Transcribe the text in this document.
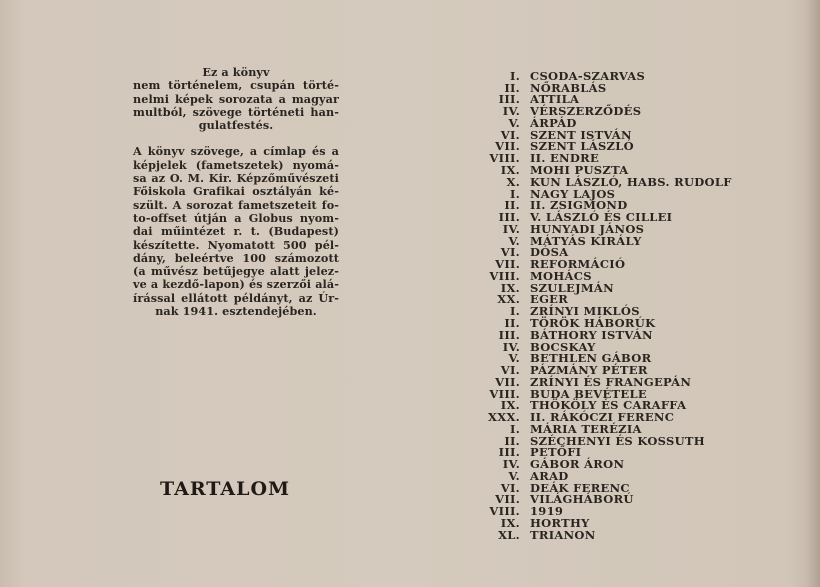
Ez a könyv
nem történelem, csupán törté-
nelmi képek sorozata a magyar
multból, szövege történeti han-
gulatfestés.

A könyv szövege, a címlap és a
képjelek (fametszetek) nyomá-
sa az O. M. Kir. Képzőművészeti
Főiskola Grafikai osztályán ké-
szült. A sorozat fametszeteit fo-
to-offset útján a Globus nyom-
dai műintézet r. t. (Budapest)
készítette. Nyomatott 500 pél-
dány, beleértve 100 számozott
(a művész betűjegye alatt jelez-
ve a kezdő-lapon) és szerzői alá-
írással ellátott példányt, az Úr-
nak 1941. esztendejében.

TARTALOM
I. CSODA-SZARVAS
II. NŐRABLÁS
III. ATTILA
IV. VÉRSZERZŐDÉS
V. ÁRPÁD
VI. SZENT ISTVÁN
VII. SZENT LÁSZLÓ
VIII. II. ENDRE
IX. MOHI PUSZTA
X. KUN LÁSZLÓ, HABS. RUDOLF
I. NAGY LAJOS
II. II. ZSIGMOND
III. V. LÁSZLÓ ÉS CILLEI
IV. HUNYADI JÁNOS
V. MÁTYÁS KIRÁLY
VI. DÓSA
VII. REFORMÁCIÓ
VIII. MOHÁCS
IX. SZULEJMÁN
XX. EGER
I. ZRÍNYI MIKLÓS
II. TÖRÖK HÁBORÚK
III. BÁTHORY ISTVÁN
IV. BOCSKAY
V. BETHLEN GÁBOR
VI. PÁZMÁNY PÉTER
VII. ZRÍNYI ÉS FRANGEPÁN
VIII. BUDA BEVÉTELE
IX. THÖKÖLY ÉS CARAFFA
XXX. II. RÁKÓCZI FERENC
I. MÁRIA TERÉZIA
II. SZÉCHENYI ÉS KOSSUTH
III. PETŐFI
IV. GÁBOR ÁRON
V. ARAD
VI. DEÁK FERENC
VII. VILÁGHÁBORÚ
VIII. 1919
IX. HORTHY
XL. TRIANON
